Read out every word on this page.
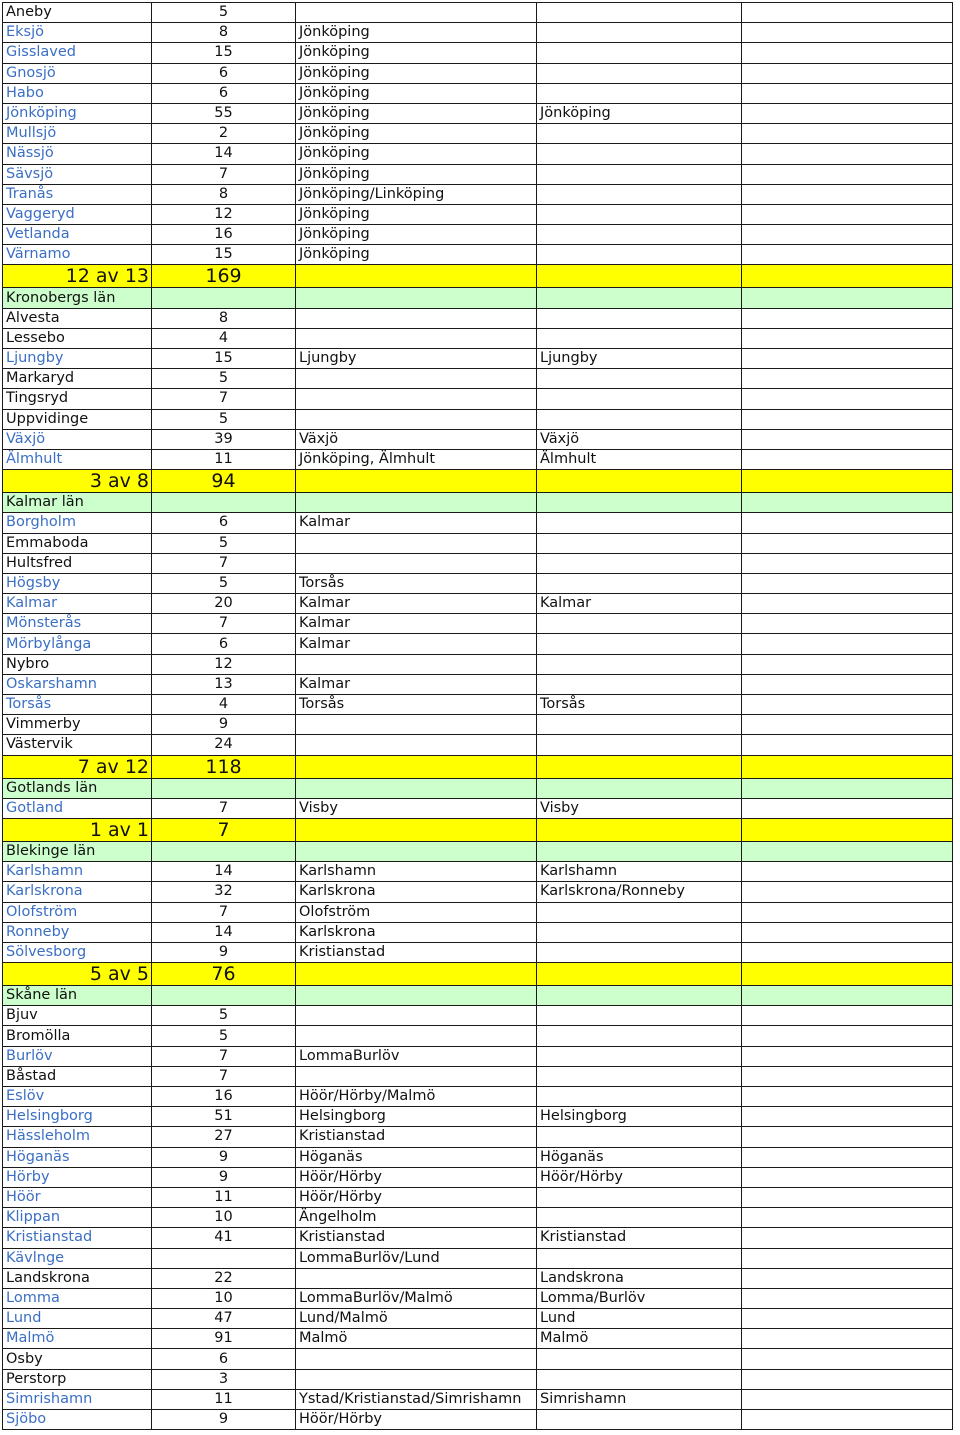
Aneby	5			
Eksjö	8	Jönköping		
Gisslaved	15	Jönköping		
Gnosjö	6	Jönköping		
Habo	6	Jönköping		
Jönköping	55	Jönköping	Jönköping	
Mullsjö	2	Jönköping		
Nässjö	14	Jönköping		
Sävsjö	7	Jönköping		
Tranås	8	Jönköping/Linköping		
Vaggeryd	12	Jönköping		
Vetlanda	16	Jönköping		
Värnamo	15	Jönköping		
12 av 13	169			
Kronobergs län				
Alvesta	8			
Lessebo	4			
Ljungby	15	Ljungby	Ljungby	
Markaryd	5			
Tingsryd	7			
Uppvidinge	5			
Växjö	39	Växjö	Växjö	
Älmhult	11	Jönköping, Älmhult	Älmhult	
3 av 8	94			
Kalmar län				
Borgholm	6	Kalmar		
Emmaboda	5			
Hultsfred	7			
Högsby	5	Torsås		
Kalmar	20	Kalmar	Kalmar	
Mönsterås	7	Kalmar		
Mörbylånga	6	Kalmar		
Nybro	12			
Oskarshamn	13	Kalmar		
Torsås	4	Torsås	Torsås	
Vimmerby	9			
Västervik	24			
7 av 12	118			
Gotlands län				
Gotland	7	Visby	Visby	
1 av 1	7			
Blekinge län				
Karlshamn	14	Karlshamn	Karlshamn	
Karlskrona	32	Karlskrona	Karlskrona/Ronneby	
Olofström	7	Olofström		
Ronneby	14	Karlskrona		
Sölvesborg	9	Kristianstad		
5 av 5	76			
Skåne län				
Bjuv	5			
Bromölla	5			
Burlöv	7	LommaBurlöv		
Båstad	7			
Eslöv	16	Höör/Hörby/Malmö		
Helsingborg	51	Helsingborg	Helsingborg	
Hässleholm	27	Kristianstad		
Höganäs	9	Höganäs	Höganäs	
Hörby	9	Höör/Hörby	Höör/Hörby	
Höör	11	Höör/Hörby		
Klippan	10	Ängelholm		
Kristianstad	41	Kristianstad	Kristianstad	
Kävlnge		LommaBurlöv/Lund		
Landskrona	22		Landskrona	
Lomma	10	LommaBurlöv/Malmö	Lomma/Burlöv	
Lund	47	Lund/Malmö	Lund	
Malmö	91	Malmö	Malmö	
Osby	6			
Perstorp	3			
Simrishamn	11	Ystad/Kristianstad/Simrishamn	Simrishamn	
Sjöbo	9	Höör/Hörby		
